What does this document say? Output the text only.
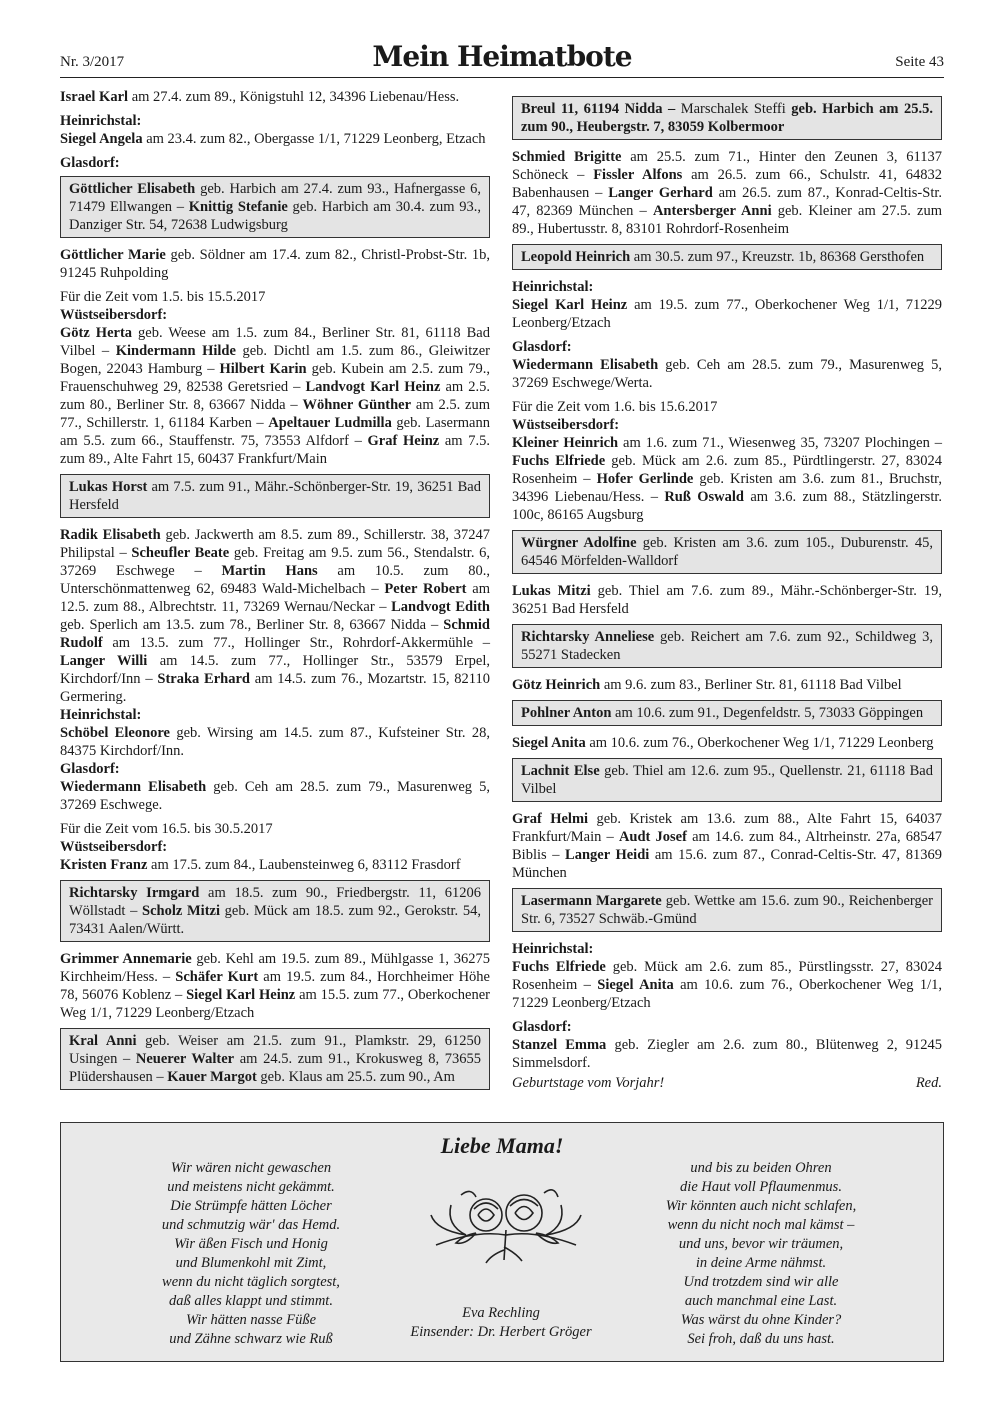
Nr. 3/2017	Mein Heimatbote	Seite 43

Israel Karl am 27.4. zum 89., Königstuhl 12, 34396 Liebenau/Hess.

Heinrichstal:

Siegel Angela am 23.4. zum 82., Obergasse 1/1, 71229 Leonberg, Etzach

Glasdorf:
Göttlicher Elisabeth geb. Harbich am 27.4. zum 93., Hafnergasse 6, 71479 Ellwangen – Knittig Stefanie geb. Harbich am 30.4. zum 93., Danziger Str. 54, 72638 Ludwigsburg

Göttlicher Marie geb. Söldner am 17.4. zum 82., Christl-Probst-Str. 1b, 91245 Ruhpolding

Für die Zeit vom 1.5. bis 15.5.2017

Wüstseibersdorf:

Götz Herta geb. Weese am 1.5. zum 84., Berliner Str. 81, 61118 Bad Vilbel – Kindermann Hilde geb. Dichtl am 1.5. zum 86., Gleiwitzer Bogen, 22043 Hamburg – Hilbert Karin geb. Kubein am 2.5. zum 79., Frauenschuhweg 29, 82538 Geretsried – Landvogt Karl Heinz am 2.5. zum 80., Berliner Str. 8, 63667 Nidda – Wöhner Günther am 2.5. zum 77., Schillerstr. 1, 61184 Karben – Apeltauer Ludmilla geb. Lasermann am 5.5. zum 66., Stauffenstr. 75, 73553 Alfdorf – Graf Heinz am 7.5. zum 89., Alte Fahrt 15, 60437 Frankfurt/Main

Lukas Horst am 7.5. zum 91., Mähr.-Schönberger-Str. 19, 36251 Bad Hersfeld

Radik Elisabeth geb. Jackwerth am 8.5. zum 89., Schillerstr. 38, 37247 Philipstal – Scheufler Beate geb. Freitag am 9.5. zum 56., Stendalstr. 6, 37269 Eschwege – Martin Hans am 10.5. zum 80., Unterschönmattenweg 62, 69483 Wald-Michelbach – Peter Robert am 12.5. zum 88., Albrechtstr. 11, 73269 Wernau/Neckar – Landvogt Edith geb. Sperlich am 13.5. zum 78., Berliner Str. 8, 63667 Nidda – Schmid Rudolf am 13.5. zum 77., Hollinger Str., Rohrdorf-Akkermühle – Langer Willi am 14.5. zum 77., Hollinger Str., 53579 Erpel, Kirchdorf/Inn – Straka Erhard am 14.5. zum 76., Mozartstr. 15, 82110 Germering.

Heinrichstal:

Schöbel Eleonore geb. Wirsing am 14.5. zum 87., Kufsteiner Str. 28, 84375 Kirchdorf/Inn.

Glasdorf:

Wiedermann Elisabeth geb. Ceh am 28.5. zum 79., Masurenweg 5, 37269 Eschwege.

Für die Zeit vom 16.5. bis 30.5.2017

Wüstseibersdorf:

Kristen Franz am 17.5. zum 84., Laubensteinweg 6, 83112 Frasdorf

Richtarsky Irmgard am 18.5. zum 90., Friedbergstr. 11, 61206 Wöllstadt – Scholz Mitzi geb. Mück am 18.5. zum 92., Gerokstr. 54, 73431 Aalen/Württ.

Grimmer Annemarie geb. Kehl am 19.5. zum 89., Mühlgasse 1, 36275 Kirchheim/Hess. – Schäfer Kurt am 19.5. zum 84., Horchheimer Höhe 78, 56076 Koblenz – Siegel Karl Heinz am 15.5. zum 77., Oberkochener Weg 1/1, 71229 Leonberg/Etzach

Kral Anni geb. Weiser am 21.5. zum 91., Plamkstr. 29, 61250 Usingen – Neuerer Walter am 24.5. zum 91., Krokusweg 8, 73655 Plüdershausen – Kauer Margot geb. Klaus am 25.5. zum 90., Am
Breul 11, 61194 Nidda – Marschalek Steffi geb. Harbich am 25.5. zum 90., Heubergstr. 7, 83059 Kolbermoor

Schmied Brigitte am 25.5. zum 71., Hinter den Zeunen 3, 61137 Schöneck – Fissler Alfons am 26.5. zum 66., Schulstr. 41, 64832 Babenhausen – Langer Gerhard am 26.5. zum 87., Konrad-Celtis-Str. 47, 82369 München – Antersberger Anni geb. Kleiner am 27.5. zum 89., Hubertusstr. 8, 83101 Rohrdorf-Rosenheim

Leopold Heinrich am 30.5. zum 97., Kreuzstr. 1b, 86368 Gersthofen
Heinrichstal:

Siegel Karl Heinz am 19.5. zum 77., Oberkochener Weg 1/1, 71229 Leonberg/Etzach

Glasdorf:

Wiedermann Elisabeth geb. Ceh am 28.5. zum 79., Masurenweg 5, 37269 Eschwege/Werta.

Für die Zeit vom 1.6. bis 15.6.2017

Wüstseibersdorf:

Kleiner Heinrich am 1.6. zum 71., Wiesenweg 35, 73207 Plochingen – Fuchs Elfriede geb. Mück am 2.6. zum 85., Pürdtlingerstr. 27, 83024 Rosenheim – Hofer Gerlinde geb. Kristen am 3.6. zum 81., Bruchstr, 34396 Liebenau/Hess. – Ruß Oswald am 3.6. zum 88., Stätzlingerstr. 100c, 86165 Augsburg

Würgner Adolfine geb. Kristen am 3.6. zum 105., Duburenstr. 45, 64546 Mörfelden-Walldorf

Lukas Mitzi geb. Thiel am 7.6. zum 89., Mähr.-Schönberger-Str. 19, 36251 Bad Hersfeld

Richtarsky Anneliese geb. Reichert am 7.6. zum 92., Schildweg 3, 55271 Stadecken

Götz Heinrich am 9.6. zum 83., Berliner Str. 81, 61118 Bad Vilbel

Pohlner Anton am 10.6. zum 91., Degenfeldstr. 5, 73033 Göppingen

Siegel Anita am 10.6. zum 76., Oberkochener Weg 1/1, 71229 Leonberg

Lachnit Else geb. Thiel am 12.6. zum 95., Quellenstr. 21, 61118 Bad Vilbel

Graf Helmi geb. Kristek am 13.6. zum 88., Alte Fahrt 15, 64037 Frankfurt/Main – Audt Josef am 14.6. zum 84., Altrheinstr. 27a, 68547 Biblis – Langer Heidi am 15.6. zum 87., Conrad-Celtis-Str. 47, 81369 München

Lasermann Margarete geb. Wettke am 15.6. zum 90., Reichenberger Str. 6, 73527 Schwäb.-Gmünd
Heinrichstal:

Fuchs Elfriede geb. Mück am 2.6. zum 85., Pürstlingsstr. 27, 83024 Rosenheim – Siegel Anita am 10.6. zum 76., Oberkochener Weg 1/1, 71229 Leonberg/Etzach

Glasdorf:

Stanzel Emma geb. Ziegler am 2.6. zum 80., Blütenweg 2, 91245 Simmelsdorf.

Geburtstage vom Vorjahr!	Red.
Liebe Mama!
Wir wären nicht gewaschen
und meistens nicht gekämmt.
Die Strümpfe hätten Löcher
und schmutzig wär' das Hemd.
Wir äßen Fisch und Honig
und Blumenkohl mit Zimt,
wenn du nicht täglich sorgtest,
daß alles klappt und stimmt.
Wir hätten nasse Füße
und Zähne schwarz wie Ruß
Eva Rechling
Einsender: Dr. Herbert Gröger
und bis zu beiden Ohren
die Haut voll Pflaumenmus.
Wir könnten auch nicht schlafen,
wenn du nicht noch mal kämst –
und uns, bevor wir träumen,
in deine Arme nähmst.
Und trotzdem sind wir alle
auch manchmal eine Last.
Was wärst du ohne Kinder?
Sei froh, daß du uns hast.
